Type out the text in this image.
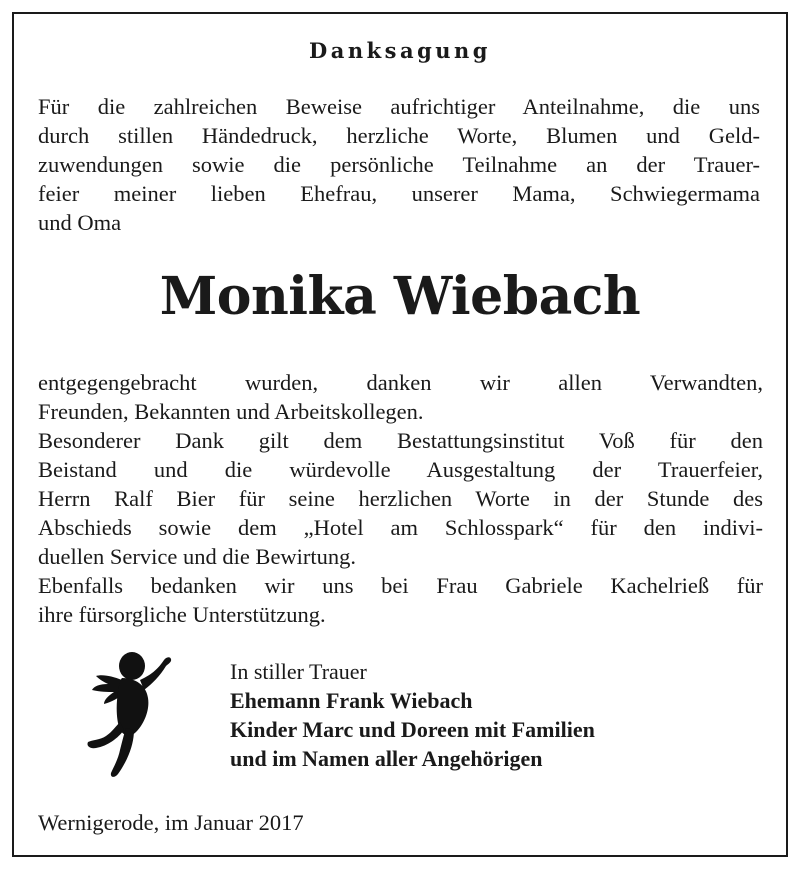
Danksagung
Für die zahlreichen Beweise aufrichtiger Anteilnahme, die uns
durch stillen Händedruck, herzliche Worte, Blumen und Geld-
zuwendungen sowie die persönliche Teilnahme an der Trauer-
feier meiner lieben Ehefrau, unserer Mama, Schwiegermama
und Oma
Monika Wiebach
entgegengebracht wurden, danken wir allen Verwandten,
Freunden, Bekannten und Arbeitskollegen.
Besonderer Dank gilt dem Bestattungsinstitut Voß für den
Beistand und die würdevolle Ausgestaltung der Trauerfeier,
Herrn Ralf Bier für seine herzlichen Worte in der Stunde des
Abschieds sowie dem „Hotel am Schlosspark“ für den indivi-
duellen Service und die Bewirtung.
Ebenfalls bedanken wir uns bei Frau Gabriele Kachelrieß für
ihre fürsorgliche Unterstützung.
In stiller Trauer
Ehemann Frank Wiebach
Kinder Marc und Doreen mit Familien
und im Namen aller Angehörigen
Wernigerode, im Januar 2017
